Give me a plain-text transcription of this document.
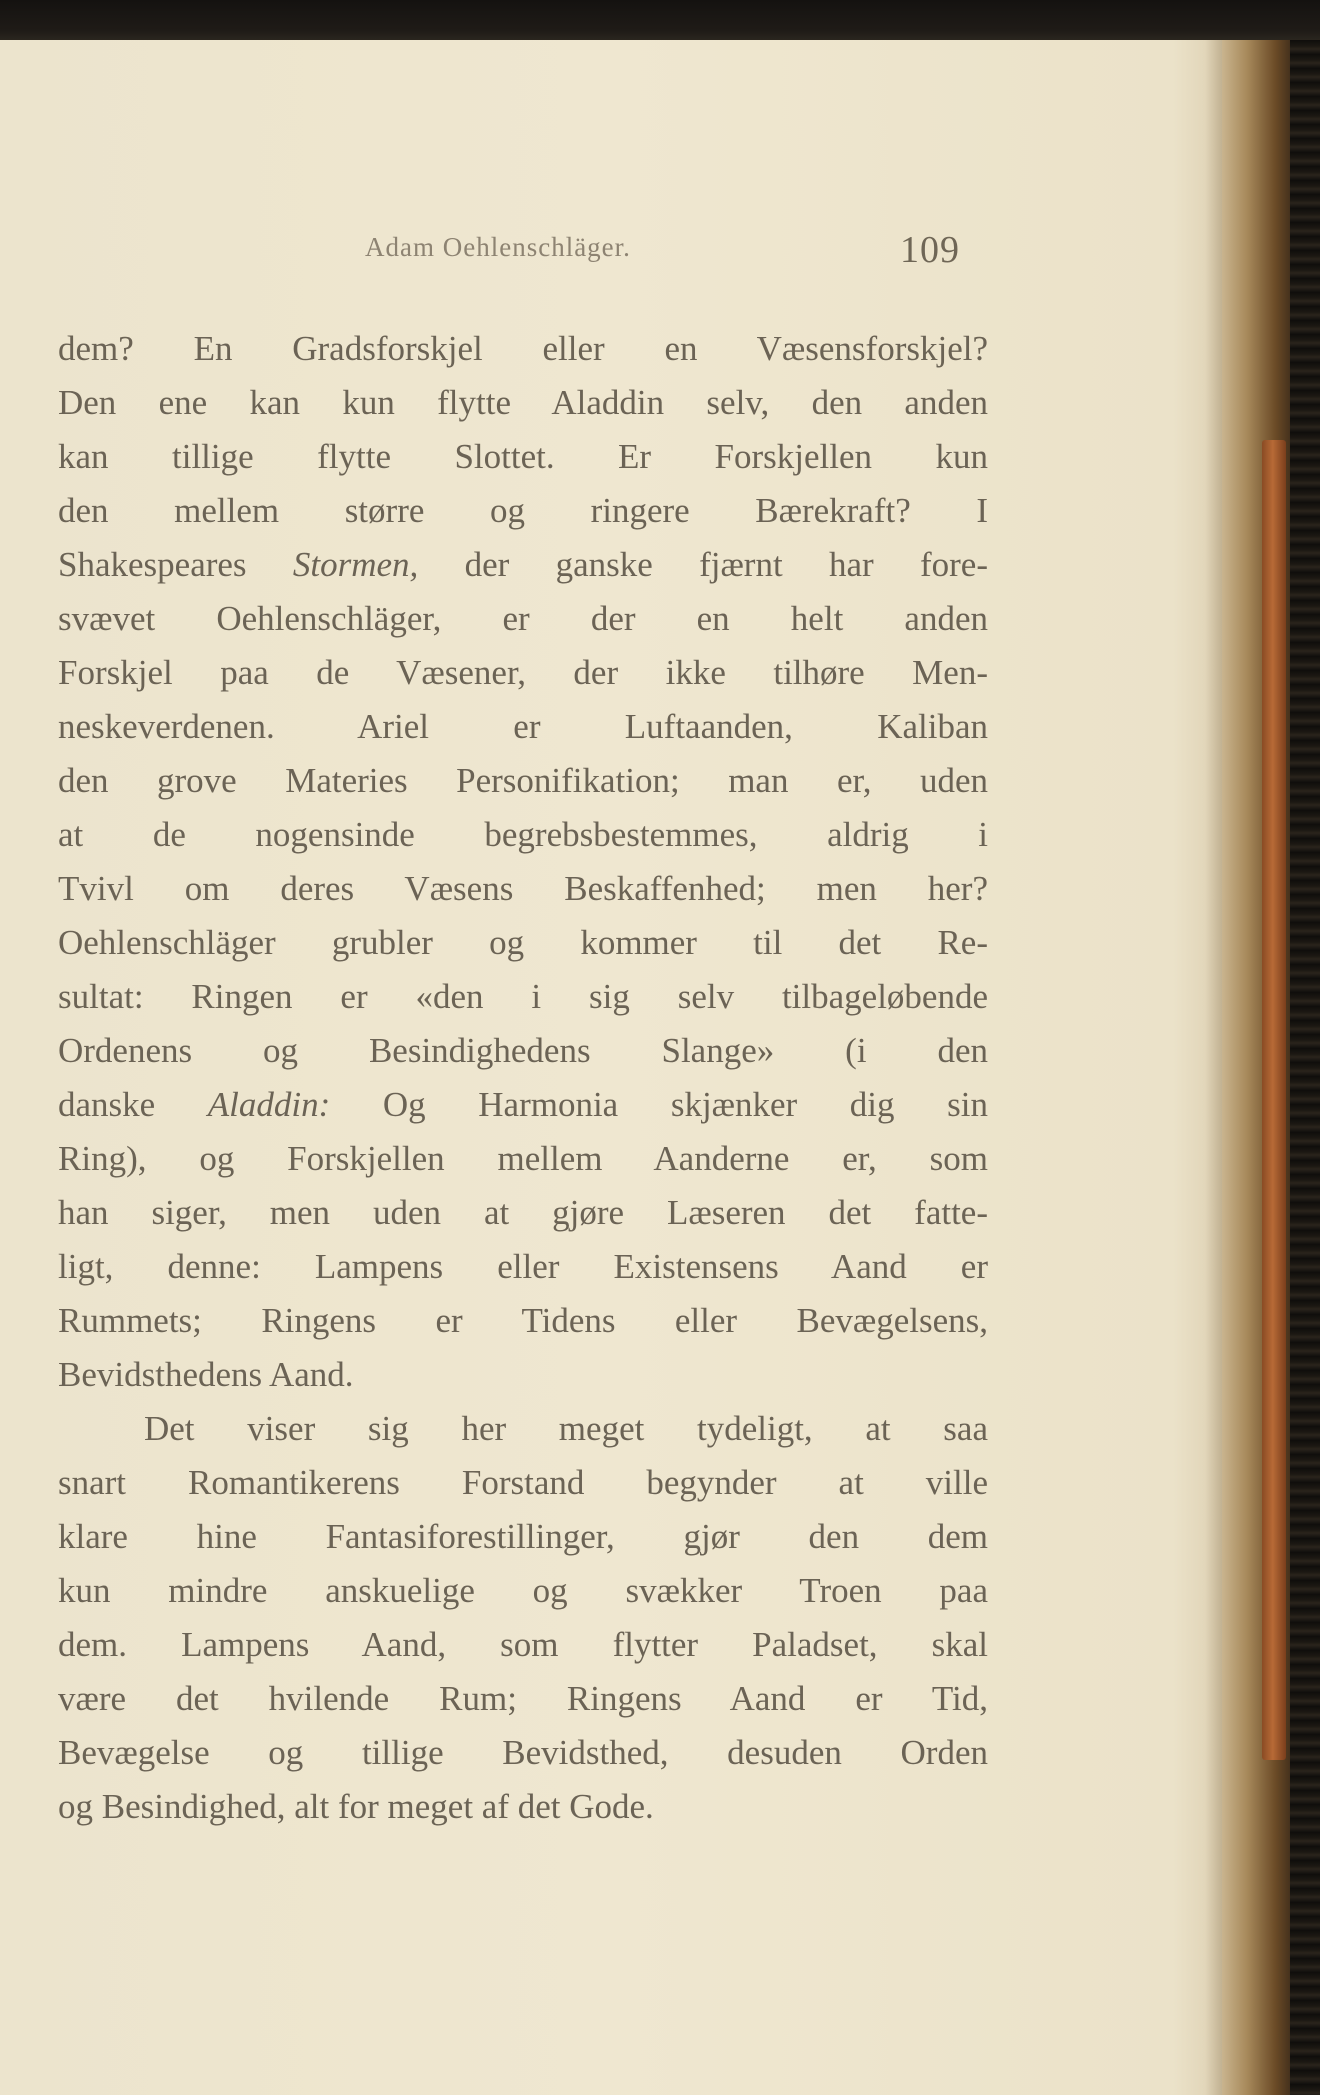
Adam Oehlenschläger.	109
dem? En Gradsforskjel eller en Væsensforskjel?
Den ene kan kun flytte Aladdin selv, den anden
kan tillige flytte Slottet. Er Forskjellen kun
den mellem større og ringere Bærekraft? I
Shakespeares Stormen, der ganske fjærnt har fore-
svævet Oehlenschläger, er der en helt anden
Forskjel paa de Væsener, der ikke tilhøre Men-
neskeverdenen. Ariel er Luftaanden, Kaliban
den grove Materies Personifikation; man er, uden
at de nogensinde begrebsbestemmes, aldrig i
Tvivl om deres Væsens Beskaffenhed; men her?
Oehlenschläger grubler og kommer til det Re-
sultat: Ringen er «den i sig selv tilbageløbende
Ordenens og Besindighedens Slange» (i den
danske Aladdin: Og Harmonia skjænker dig sin
Ring), og Forskjellen mellem Aanderne er, som
han siger, men uden at gjøre Læseren det fatte-
ligt, denne: Lampens eller Existensens Aand er
Rummets; Ringens er Tidens eller Bevægelsens,
Bevidsthedens Aand.
Det viser sig her meget tydeligt, at saa
snart Romantikerens Forstand begynder at ville
klare hine Fantasiforestillinger, gjør den dem
kun mindre anskuelige og svækker Troen paa
dem. Lampens Aand, som flytter Paladset, skal
være det hvilende Rum; Ringens Aand er Tid,
Bevægelse og tillige Bevidsthed, desuden Orden
og Besindighed, alt for meget af det Gode.
